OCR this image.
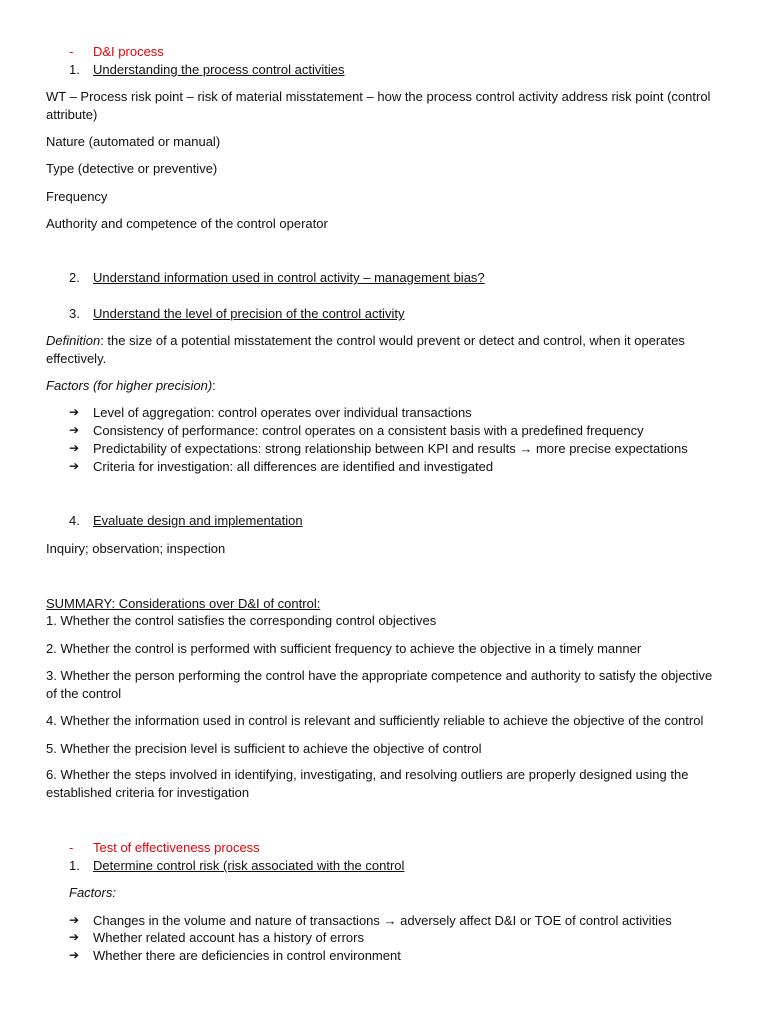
- D&I process
1. Understanding the process control activities
WT – Process risk point – risk of material misstatement – how the process control activity address risk point (control attribute)
Nature (automated or manual)
Type (detective or preventive)
Frequency
Authority and competence of the control operator
2. Understand information used in control activity – management bias?
3. Understand the level of precision of the control activity
Definition: the size of a potential misstatement the control would prevent or detect and control, when it operates effectively.
Factors (for higher precision):
➔ Level of aggregation: control operates over individual transactions
➔ Consistency of performance: control operates on a consistent basis with a predefined frequency
➔ Predictability of expectations: strong relationship between KPI and results → more precise expectations
➔ Criteria for investigation: all differences are identified and investigated
4. Evaluate design and implementation
Inquiry; observation; inspection
SUMMARY: Considerations over D&I of control:
1. Whether the control satisfies the corresponding control objectives
2. Whether the control is performed with sufficient frequency to achieve the objective in a timely manner
3. Whether the person performing the control have the appropriate competence and authority to satisfy the objective of the control
4. Whether the information used in control is relevant and sufficiently reliable to achieve the objective of the control
5. Whether the precision level is sufficient to achieve the objective of control
6. Whether the steps involved in identifying, investigating, and resolving outliers are properly designed using the established criteria for investigation
- Test of effectiveness process
1. Determine control risk (risk associated with the control
Factors:
➔ Changes in the volume and nature of transactions → adversely affect D&I or TOE of control activities
➔ Whether related account has a history of errors
➔ Whether there are deficiencies in control environment
